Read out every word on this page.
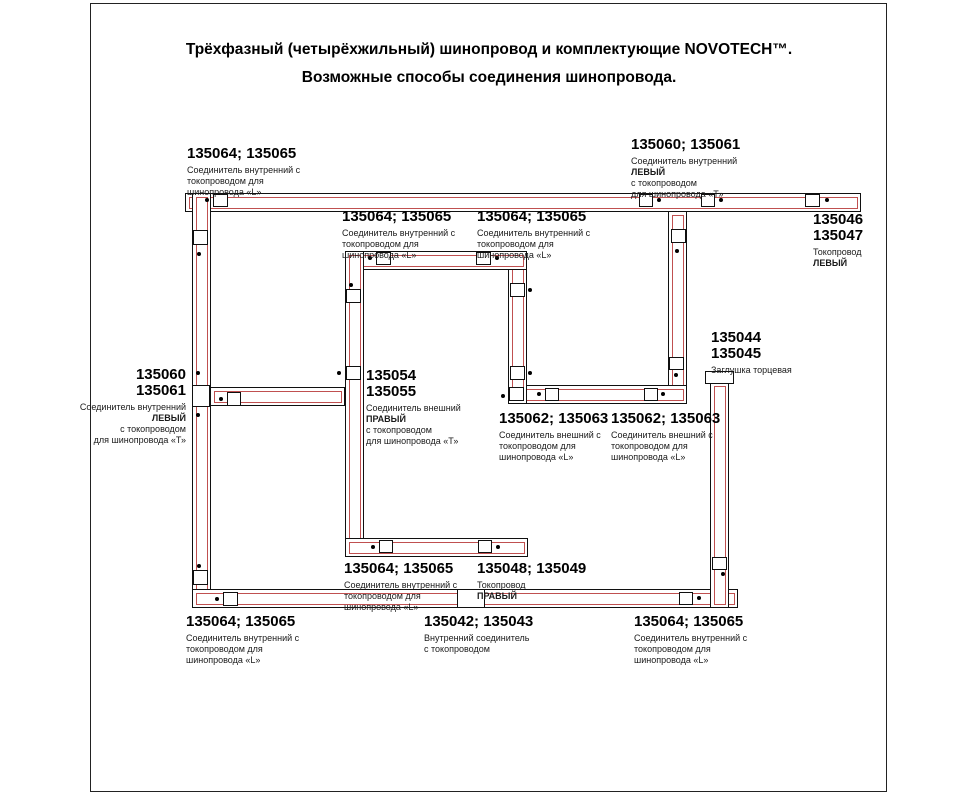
Трёхфазный (четырёхжильный) шинопровод и комплектующие NOVOTECH™.
Возможные способы соединения шинопровода.
135064; 135065
Соединитель внутренний с
токопроводом для
шинопровода «L»
135064; 135065
Соединитель внутренний с
токопроводом для
шинопровода «L»
135064; 135065
Соединитель внутренний с
токопроводом для
шинопровода «L»
135060; 135061
Соединитель внутренний
ЛЕВЫЙ
с токопроводом
для шинопровода «Т»
135046
135047
Токопровод
ЛЕВЫЙ
135044
135045
Заглушка торцевая
135060
135061
Соединитель внутренний
ЛЕВЫЙ
с токопроводом
для шинопровода «Т»
135054
135055
Соединитель внешний
ПРАВЫЙ
с токопроводом
для шинопровода «Т»
135062; 135063
Соединитель внешний с
токопроводом для
шинопровода «L»
135062; 135063
Соединитель внешний с
токопроводом для
шинопровода «L»
135064; 135065
Соединитель внутренний с
токопроводом для
шинопровода «L»
135048; 135049
Токопровод
ПРАВЫЙ
135064; 135065
Соединитель внутренний с
токопроводом для
шинопровода «L»
135042; 135043
Внутренний соединитель
с токопроводом
135064; 135065
Соединитель внутренний с
токопроводом для
шинопровода «L»
